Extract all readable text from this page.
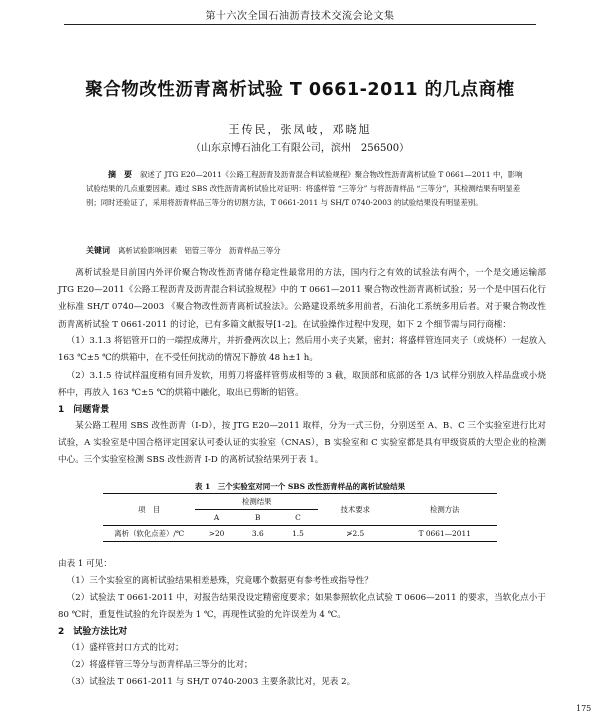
第十六次全国石油沥青技术交流会论文集
聚合物改性沥青离析试验 T 0661-2011 的几点商榷
王传民，张凤岐，邓晓旭
（山东京博石油化工有限公司，滨州　256500）
摘　要 叙述了 JTG E20—2011《公路工程沥青及沥青混合料试验规程》聚合物改性沥青离析试验 T 0661—2011 中，影响试验结果的几点重要因素。通过 SBS 改性沥青离析试验比对证明：将盛样管 “三等分” 与将沥青样品 “三等分”，其检测结果有明显差别；同时还验证了，采用将沥青样品三等分的切割方法，T 0661-2011 与 SH/T 0740-2003 的试验结果没有明显差别。
关键词 离析试验影响因素　铝管三等分　沥青样品三等分
离析试验是目前国内外评价聚合物改性沥青储存稳定性最常用的方法，国内行之有效的试验法有两个，一个是交通运输部 JTG E20—2011《公路工程沥青及沥青混合料试验规程》中的 T 0661—2011 聚合物改性沥青离析试验；另一个是中国石化行业标准 SH/T 0740—2003 《聚合物改性沥青离析试验法》。公路建设系统多用前者，石油化工系统多用后者。对于聚合物改性沥青离析试验 T 0661-2011 的讨论，已有多篇文献报导[1-2]。在试验操作过程中发现，如下 2 个细节需与同行商榷：
（1）3.1.3 将铝管开口的一端捏成薄片，并折叠两次以上；然后用小夹子夹紧，密封；将盛样管连同夹子（或烧杯）一起放入 163 ℃±5 ℃的烘箱中，在不受任何扰动的情况下静放 48 h±1 h。
（2）3.1.5 待试样温度稍有回升发软，用剪刀将盛样管剪成相等的 3 截，取顶部和底部的各 1/3 试样分别放入样品盘或小烧杯中，再放入 163 ℃±5 ℃的烘箱中融化，取出已剪断的铝管。
1　问题背景
某公路工程用 SBS 改性沥青（I-D），按 JTG E20—2011 取样，分为一式三份，分别送至 A、B、C 三个实验室进行比对试验，A 实验室是中国合格评定国家认可委认证的实验室（CNAS），B 实验室和 C 实验室都是具有甲级资质的大型企业的检测中心。三个实验室检测 SBS 改性沥青 I-D 的离析试验结果列于表 1。
表 1　三个实验室对同一个 SBS 改性沥青样品的离析试验结果
项　目	检测结果			技术要求	检测方法
	A	B	C		
离析（软化点差）/℃	>20	3.6	1.5	≯2.5	T 0661—2011
由表 1 可见：
（1）三个实验室的离析试验结果相差悬殊，究竟哪个数据更有参考性或指导性？
（2）试验法 T 0661-2011 中，对报告结果没设定精密度要求；如果参照软化点试验 T 0606—2011 的要求，当软化点小于 80 ℃时，重复性试验的允许误差为 1 ℃，再现性试验的允许误差为 4 ℃。
2　试验方法比对
（1）盛样管封口方式的比对；
（2）将盛样管三等分与沥青样品三等分的比对；
（3）试验法 T 0661-2011 与 SH/T 0740-2003 主要条款比对，见表 2。
175
